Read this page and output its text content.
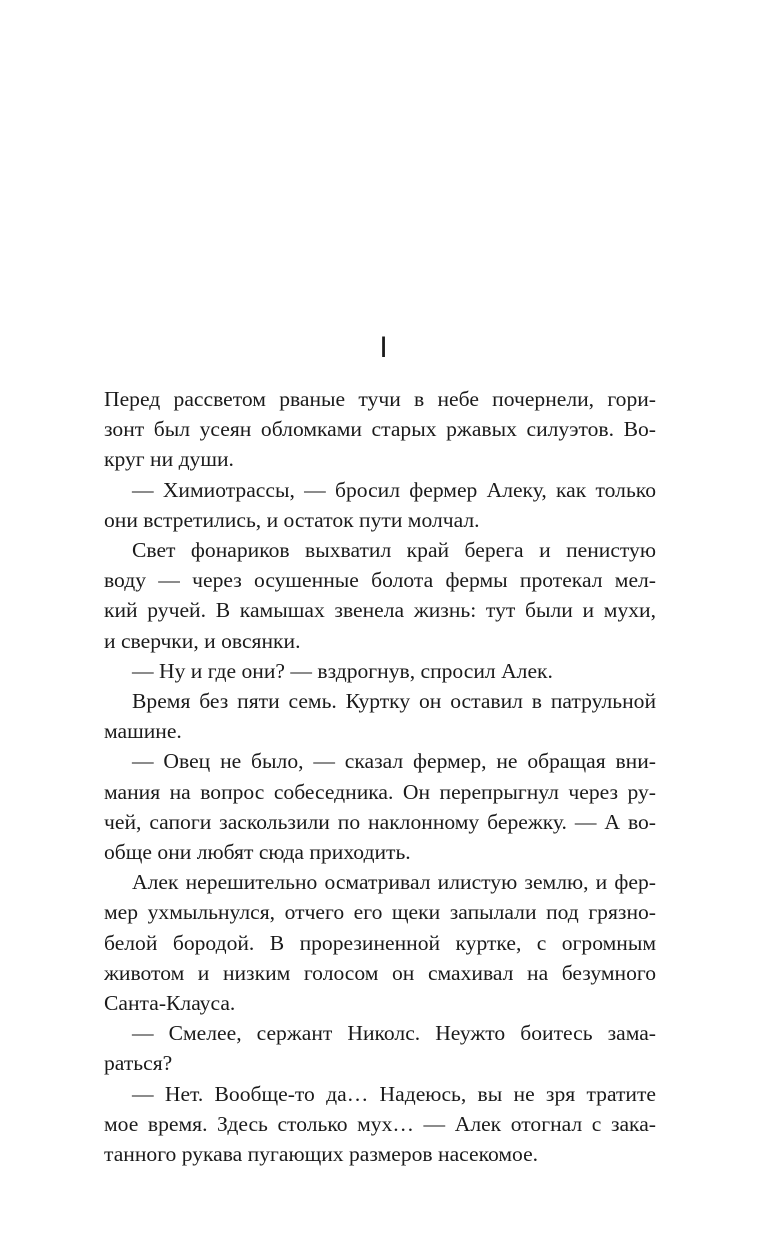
I

Перед рассветом рваные тучи в небе почернели, гори-
зонт был усеян обломками старых ржавых силуэтов. Во-
круг ни души.

— Химиотрассы, — бросил фермер Алеку, как только
они встретились, и остаток пути молчал.

Свет фонариков выхватил край берега и пенистую
воду — через осушенные болота фермы протекал мел-
кий ручей. В камышах звенела жизнь: тут были и мухи,
и сверчки, и овсянки.

— Ну и где они? — вздрогнув, спросил Алек.

Время без пяти семь. Куртку он оставил в патрульной
машине.

— Овец не было, — сказал фермер, не обращая вни-
мания на вопрос собеседника. Он перепрыгнул через ру-
чей, сапоги заскользили по наклонному бережку. — А во-
обще они любят сюда приходить.

Алек нерешительно осматривал илистую землю, и фер-
мер ухмыльнулся, отчего его щеки запылали под грязно-
белой бородой. В прорезиненной куртке, с огромным
животом и низким голосом он смахивал на безумного
Санта-Клауса.

— Смелее, сержант Николс. Неужто боитесь зама-
раться?

— Нет. Вообще-то да… Надеюсь, вы не зря тратите
мое время. Здесь столько мух… — Алек отогнал с зака-
танного рукава пугающих размеров насекомое.
